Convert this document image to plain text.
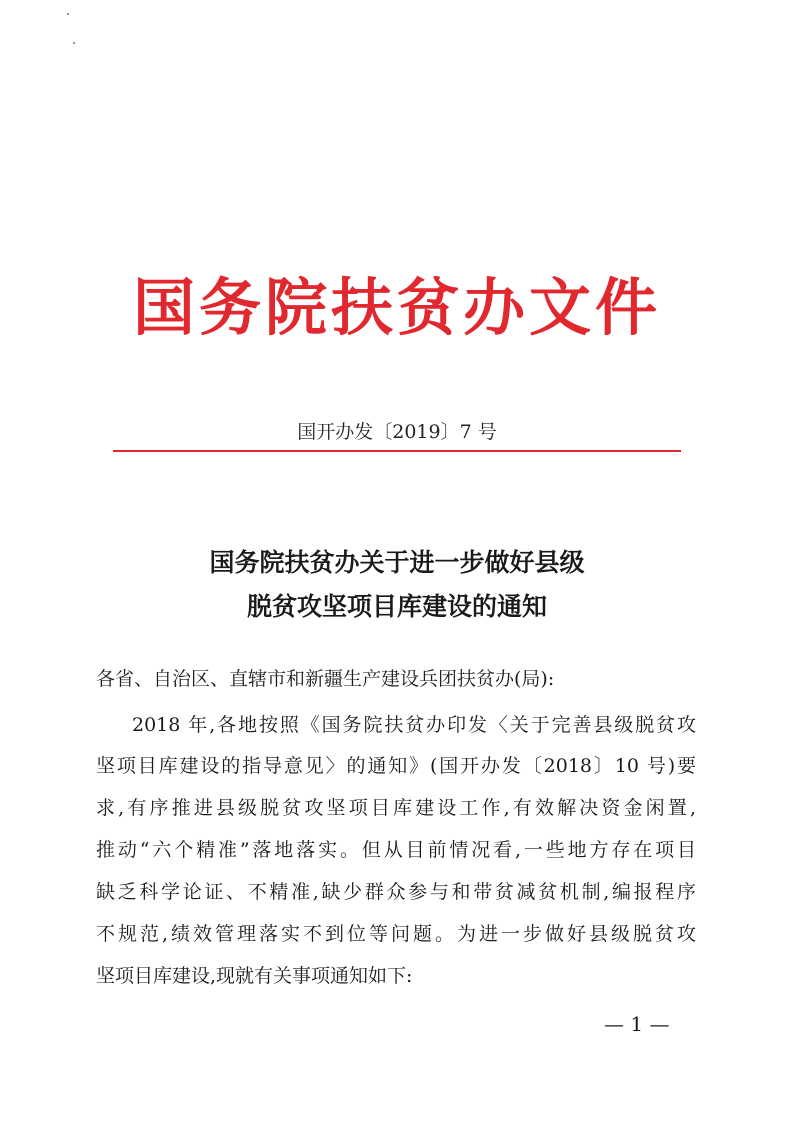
国务院扶贫办文件
国开办发〔2019〕7 号
国务院扶贫办关于进一步做好县级
脱贫攻坚项目库建设的通知
各省、自治区、直辖市和新疆生产建设兵团扶贫办(局):
2018 年,各地按照《国务院扶贫办印发〈关于完善县级脱贫攻
坚项目库建设的指导意见〉的通知》(国开办发〔2018〕10 号)要
求,有序推进县级脱贫攻坚项目库建设工作,有效解决资金闲置,
推动“六个精准”落地落实。但从目前情况看,一些地方存在项目
缺乏科学论证、不精准,缺少群众参与和带贫减贫机制,编报程序
不规范,绩效管理落实不到位等问题。为进一步做好县级脱贫攻
坚项目库建设,现就有关事项通知如下:
— 1 —
